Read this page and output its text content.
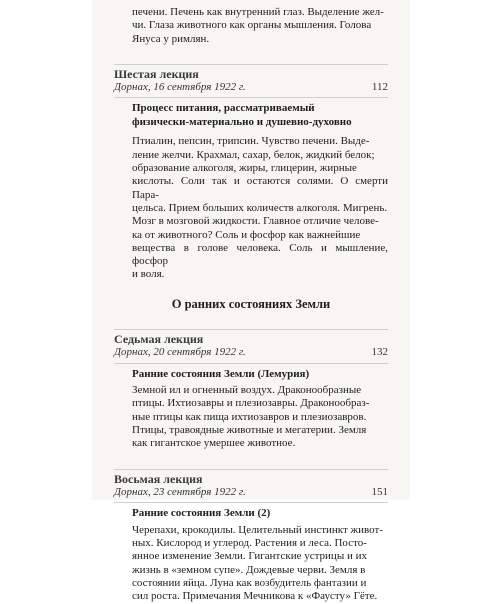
печени. Печень как внутренний глаз. Выделение жел-

чи. Глаза животного как органы мышления. Голова

Януса у римлян.

Шестая лекция
Дорнах, 16 сентября 1922 г.	112
Процесс питания, рассматриваемый
физически-материально и душевно-духовно

Птиалин, пепсин, трипсин. Чувство печени. Выде-

ление желчи. Крахмал, сахар, белок, жидкий белок;

образование алкоголя, жиры, глицерин, жирные

кислоты. Соли так и остаются солями. О смерти Пара-

цельса. Прием больших количеств алкоголя. Мигрень.

Мозг в мозговой жидкости. Главное отличие челове-

ка от животного? Соль и фосфор как важнейшие

вещества в голове человека. Соль и мышление, фосфор

и воля.

О ранних состояниях Земли
Седьмая лекция
Дорнах, 20 сентября 1922 г.	132
Ранние состояния Земли (Лемурия)

Земной ил и огненный воздух. Драконообразные

птицы. Ихтиозавры и плезиозавры. Драконообраз-

ные птицы как пища ихтиозавров и плезиозавров.

Птицы, травоядные животные и мегатерии. Земля

как гигантское умершее животное.

Восьмая лекция
Дорнах, 23 сентября 1922 г.	151
Ранние состояния Земли (2)

Черепахи, крокодилы. Целительный инстинкт живот-

ных. Кислород и углерод. Растения и леса. Посто-

янное изменение Земли. Гигантские устрицы и их

жизнь в «земном супе». Дождевые черви. Земля в

состоянии яйца. Луна как возбудитель фантазии и

сил роста. Примечания Мечникова к «Фаусту» Гёте.
